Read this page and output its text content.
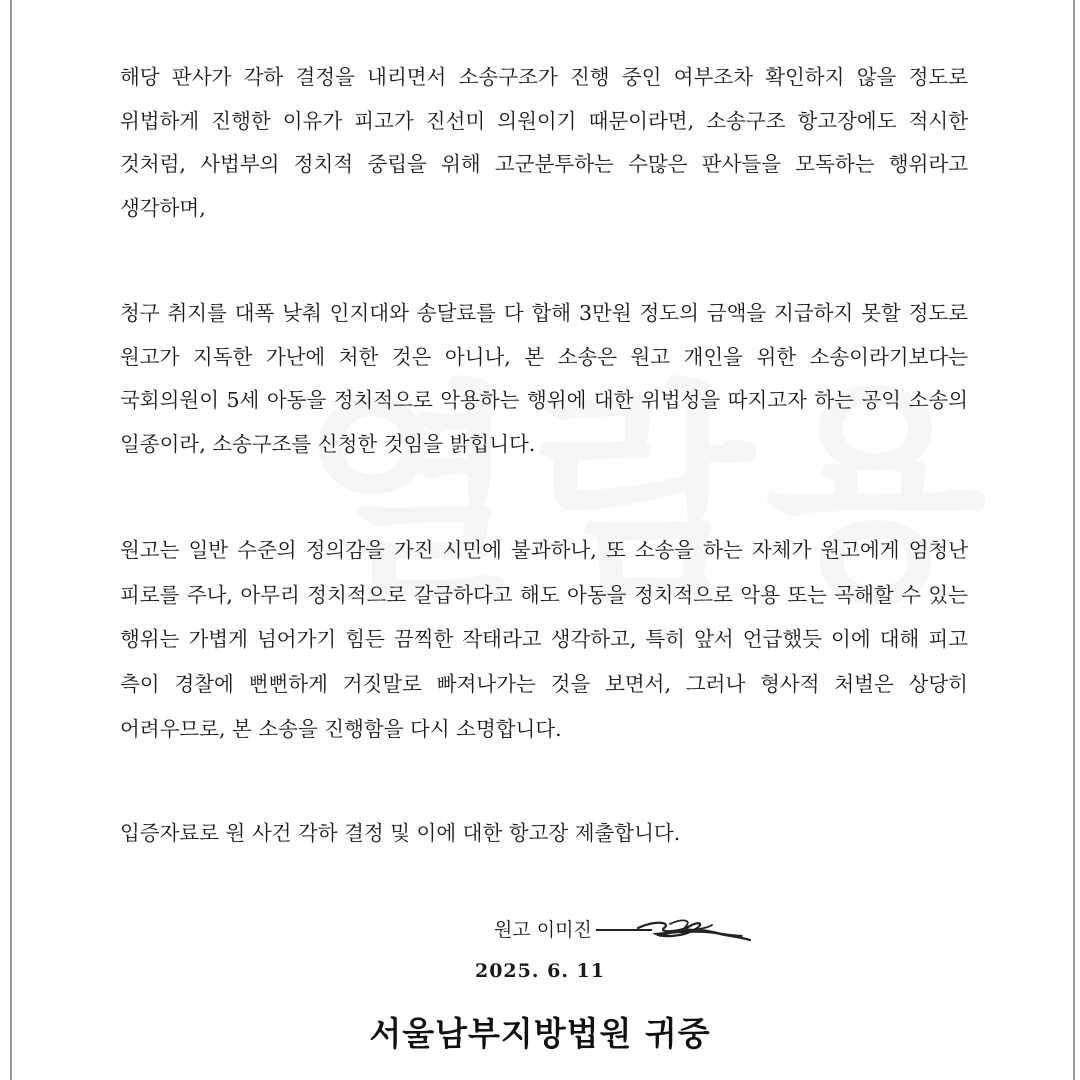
해당 판사가 각하 결정을 내리면서 소송구조가 진행 중인 여부조차 확인하지 않을 정도로 위법하게 진행한 이유가 피고가 진선미 의원이기 때문이라면, 소송구조 항고장에도 적시한 것처럼, 사법부의 정치적 중립을 위해 고군분투하는 수많은 판사들을 모독하는 행위라고 생각하며,

청구 취지를 대폭 낮춰 인지대와 송달료를 다 합해 3만원 정도의 금액을 지급하지 못할 정도로 원고가 지독한 가난에 처한 것은 아니나, 본 소송은 원고 개인을 위한 소송이라기보다는 국회의원이 5세 아동을 정치적으로 악용하는 행위에 대한 위법성을 따지고자 하는 공익 소송의 일종이라, 소송구조를 신청한 것임을 밝힙니다.

원고는 일반 수준의 정의감을 가진 시민에 불과하나, 또 소송을 하는 자체가 원고에게 엄청난 피로를 주나, 아무리 정치적으로 갈급하다고 해도 아동을 정치적으로 악용 또는 곡해할 수 있는 행위는 가볍게 넘어가기 힘든 끔찍한 작태라고 생각하고, 특히 앞서 언급했듯 이에 대해 피고 측이 경찰에 뻔뻔하게 거짓말로 빠져나가는 것을 보면서, 그러나 형사적 처벌은 상당히 어려우므로, 본 소송을 진행함을 다시 소명합니다.

입증자료로 원 사건 각하 결정 및 이에 대한 항고장 제출합니다.

원고 이미진
2025. 6. 11
서울남부지방법원 귀중
